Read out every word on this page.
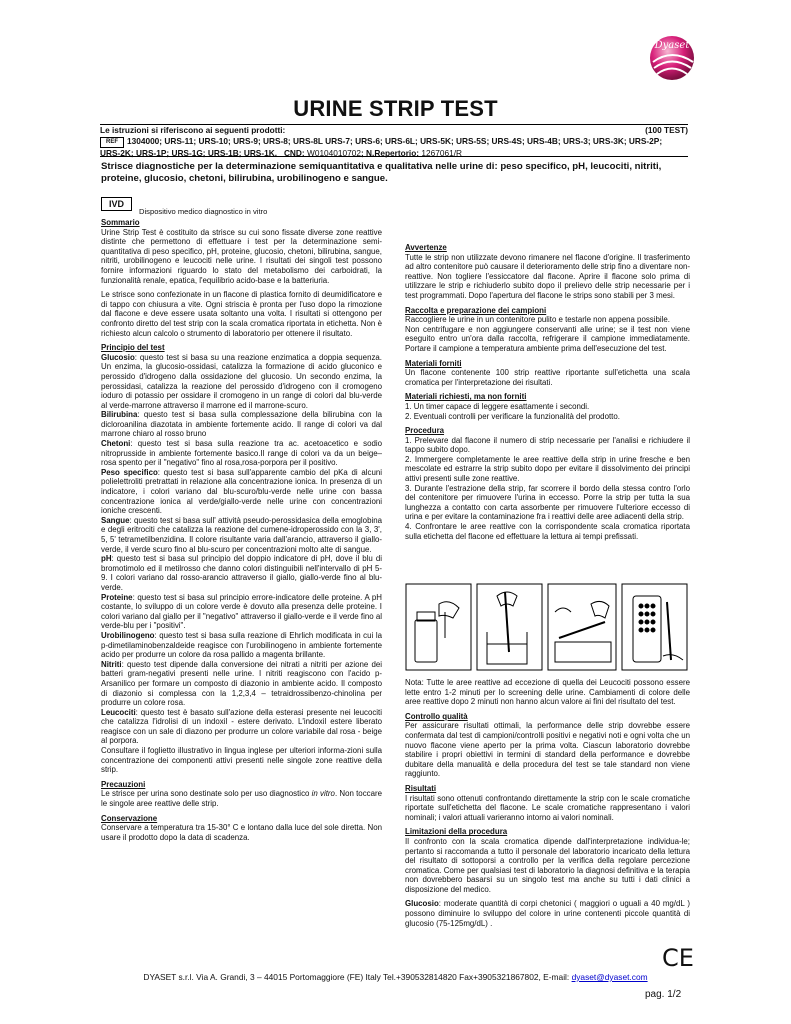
Dyaset
URINE STRIP TEST
Le istruzioni si riferiscono ai seguenti prodotti:	(100 TEST)
REF 1304000; URS-11; URS-10; URS-9; URS-8; URS-8L URS-7; URS-6; URS-6L; URS-5K; URS-5S; URS-4S; URS-4B; URS-3; URS-3K; URS-2P;
URS-2K; URS-1P; URS-1G; URS-1B; URS-1K. CND: W0104010702; N.Repertorio: 1267061/R
Strisce diagnostiche per la determinazione semiquantitativa e qualitativa nelle urine di: peso specifico, pH, leucociti, nitriti, proteine, glucosio, chetoni, bilirubina, urobilinogeno e sangue.
IVD
Dispositivo medico diagnostico in vitro
Sommario
Urine Strip Test è costituito da strisce su cui sono fissate diverse zone reattive distinte che permettono di effettuare i test per la determinazione semi-quantitativa di peso specifico, pH, proteine, glucosio, chetoni, bilirubina, sangue, nitriti, urobilinogeno e leucociti nelle urine. I risultati dei singoli test possono fornire informazioni riguardo lo stato del metabolismo dei carboidrati, la funzionalità renale, epatica, l'equilibrio acido-base e la batteriuria.
Le strisce sono confezionate in un flacone di plastica fornito di deumidificatore e di tappo con chiusura a vite. Ogni striscia è pronta per l'uso dopo la rimozione dal flacone e deve essere usata soltanto una volta. I risultati si ottengono per confronto diretto del test strip con la scala cromatica riportata in etichetta. Non è richiesto alcun calcolo o strumento di laboratorio per ottenere il risultato.
Principio del test
Glucosio: questo test si basa su una reazione enzimatica a doppia sequenza. Un enzima, la glucosio-ossidasi, catalizza la formazione di acido gluconico e perossido d'idrogeno dalla ossidazione del glucosio. Un secondo enzima, la perossidasi, catalizza la reazione del perossido d'idrogeno con il cromogeno ioduro di potassio per ossidare il cromogeno in un range di colori dal blu-verde al verde-marrone attraverso il marrone ed il marrone-scuro.
Bilirubina: questo test si basa sulla complessazione della bilirubina con la dicloroanilina diazotata in ambiente fortemente acido. Il range di colori va dal marrone chiaro al rosso bruno
Chetoni: questo test si basa sulla reazione tra ac. acetoacetico e sodio nitroprusside in ambiente fortemente basico.Il range di colori va da un beige–rosa spento per il "negativo" fino al rosa,rosa-porpora per il positivo.
Peso specifico: questo test si basa sull'apparente cambio del pKa di alcuni polielettroliti pretrattati in relazione alla concentrazione ionica. In presenza di un indicatore, i colori variano dal blu-scuro/blu-verde nelle urine con bassa concentrazione ionica al verde/giallo-verde nelle urine con concentrazioni ioniche crescenti.
Sangue: questo test si basa sull' attività pseudo-perossidasica della emoglobina e degli eritrociti che catalizza la reazione del cumene-idroperossido con la 3, 3', 5, 5' tetrametilbenzidina. Il colore risultante varia dall'arancio, attraverso il giallo-verde, il verde scuro fino al blu-scuro per concentrazioni molto alte di sangue.
pH: questo test si basa sul principio del doppio indicatore di pH, dove il blu di bromotimolo ed il metilrosso che danno colori distinguibili nell'intervallo di pH 5-9. I colori variano dal rosso-arancio attraverso il giallo, giallo-verde fino al blu-verde.
Proteine: questo test si basa sul principio errore-indicatore delle proteine. A pH costante, lo sviluppo di un colore verde è dovuto alla presenza delle proteine. I colori variano dal giallo per il "negativo" attraverso il giallo-verde e il verde fino al verde-blu per i "positivi".
Urobilinogeno: questo test si basa sulla reazione di Ehrlich modificata in cui la p-dimetilaminobenzaldeide reagisce con l'urobilinogeno in ambiente fortemente acido per produrre un colore da rosa pallido a magenta brillante.
Nitriti: questo test dipende dalla conversione dei nitrati a nitriti per azione dei batteri gram-negativi presenti nelle urine. I nitriti reagiscono con l'acido p-Arsanilico per formare un composto di diazonio in ambiente acido. Il composto di diazonio si complessa con la 1,2,3,4 – tetraidrossibenzo-chinolina per produrre un colore rosa.
Leucociti: questo test è basato sull'azione della esterasi presente nei leucociti che catalizza l'idrolisi di un indoxil - estere derivato. L'indoxil estere liberato reagisce con un sale di diazono per produrre un colore variabile dal rosa - beige al porpora.
Consultare il foglietto illustrativo in lingua inglese per ulteriori informa-zioni sulla concentrazione dei componenti attivi presenti nelle singole zone reattive della strip.
Precauzioni
Le strisce per urina sono destinate solo per uso diagnostico in vitro. Non toccare le singole aree reattive delle strip.
Conservazione
Conservare a temperatura tra 15-30° C e lontano dalla luce del sole diretta. Non usare il prodotto dopo la data di scadenza.
Avvertenze
Tutte le strip non utilizzate devono rimanere nel flacone d'origine. Il trasferimento ad altro contenitore può causare il deterioramento delle strip fino a diventare non-reattive. Non togliere l'essiccatore dal flacone. Aprire il flacone solo prima di utilizzare le strip e richiuderlo subito dopo il prelievo delle strip necessarie per i test programmati. Dopo l'apertura del flacone le strips sono stabili per 3 mesi.
Raccolta e preparazione dei campioni
Raccogliere le urine in un contenitore pulito e testarle non appena possibile.
Non centrifugare e non aggiungere conservanti alle urine; se il test non viene eseguito entro un'ora dalla raccolta, refrigerare il campione immediatamente. Portare il campione a temperatura ambiente prima dell'esecuzione del test.
Materiali forniti
Un flacone contenente 100 strip reattive riportante sull'etichetta una scala cromatica per l'interpretazione dei risultati.
Materiali richiesti, ma non forniti
1. Un timer capace di leggere esattamente i secondi.
2. Eventuali controlli per verificare la funzionalità del prodotto.
Procedura
1. Prelevare dal flacone il numero di strip necessarie per l'analisi e richiudere il tappo subito dopo.
2. Immergere completamente le aree reattive della strip in urine fresche e ben mescolate ed estrarre la strip subito dopo per evitare il dissolvimento dei principi attivi presenti sulle zone reattive.
3. Durante l'estrazione della strip, far scorrere il bordo della stessa contro l'orlo del contenitore per rimuovere l'urina in eccesso. Porre la strip per tutta la sua lunghezza a contatto con carta assorbente per rimuovere l'ulteriore eccesso di urina e per evitare la contaminazione fra i reattivi delle aree adiacenti della strip.
4. Confrontare le aree reattive con la corrispondente scala cromatica riportata sulla etichetta del flacone ed effettuare la lettura ai tempi prefissati.
Nota: Tutte le aree reattive ad eccezione di quella dei Leucociti possono essere lette entro 1-2 minuti per lo screening delle urine. Cambiamenti di colore delle aree reattive dopo 2 minuti non hanno alcun valore ai fini del risultato del test.
Controllo qualità
Per assicurare risultati ottimali, la performance delle strip dovrebbe essere confermata dal test di campioni/controlli positivi e negativi noti e ogni volta che un nuovo flacone viene aperto per la prima volta. Ciascun laboratorio dovrebbe stabilire i propri obiettivi in termini di standard della performance e dovrebbe dubitare della manualità e della procedura del test se tale standard non viene raggiunto.
Risultati
I risultati sono ottenuti confrontando direttamente la strip con le scale cromatiche riportate sull'etichetta del flacone. Le scale cromatiche rappresentano i valori nominali; i valori attuali varieranno intorno ai valori nominali.
Limitazioni della procedura
Il confronto con la scala cromatica dipende dall'interpretazione individua-le; pertanto si raccomanda a tutto il personale del laboratorio incaricato della lettura del risultato di sottoporsi a controllo per la verifica della regolare percezione cromatica. Come per qualsiasi test di laboratorio la diagnosi definitiva e la terapia non dovrebbero basarsi su un singolo test ma anche su tutti i dati clinici a disposizione del medico.
Glucosio: moderate quantità di corpi chetonici ( maggiori o uguali a 40 mg/dL ) possono diminuire lo sviluppo del colore in urine contenenti piccole quantità di glucosio (75-125mg/dL) .
CE
DYASET s.r.l. Via A. Grandi, 3 – 44015 Portomaggiore (FE) Italy Tel.+390532814820 Fax+3905321867802, E-mail: dyaset@dyaset.com
pag. 1/2
